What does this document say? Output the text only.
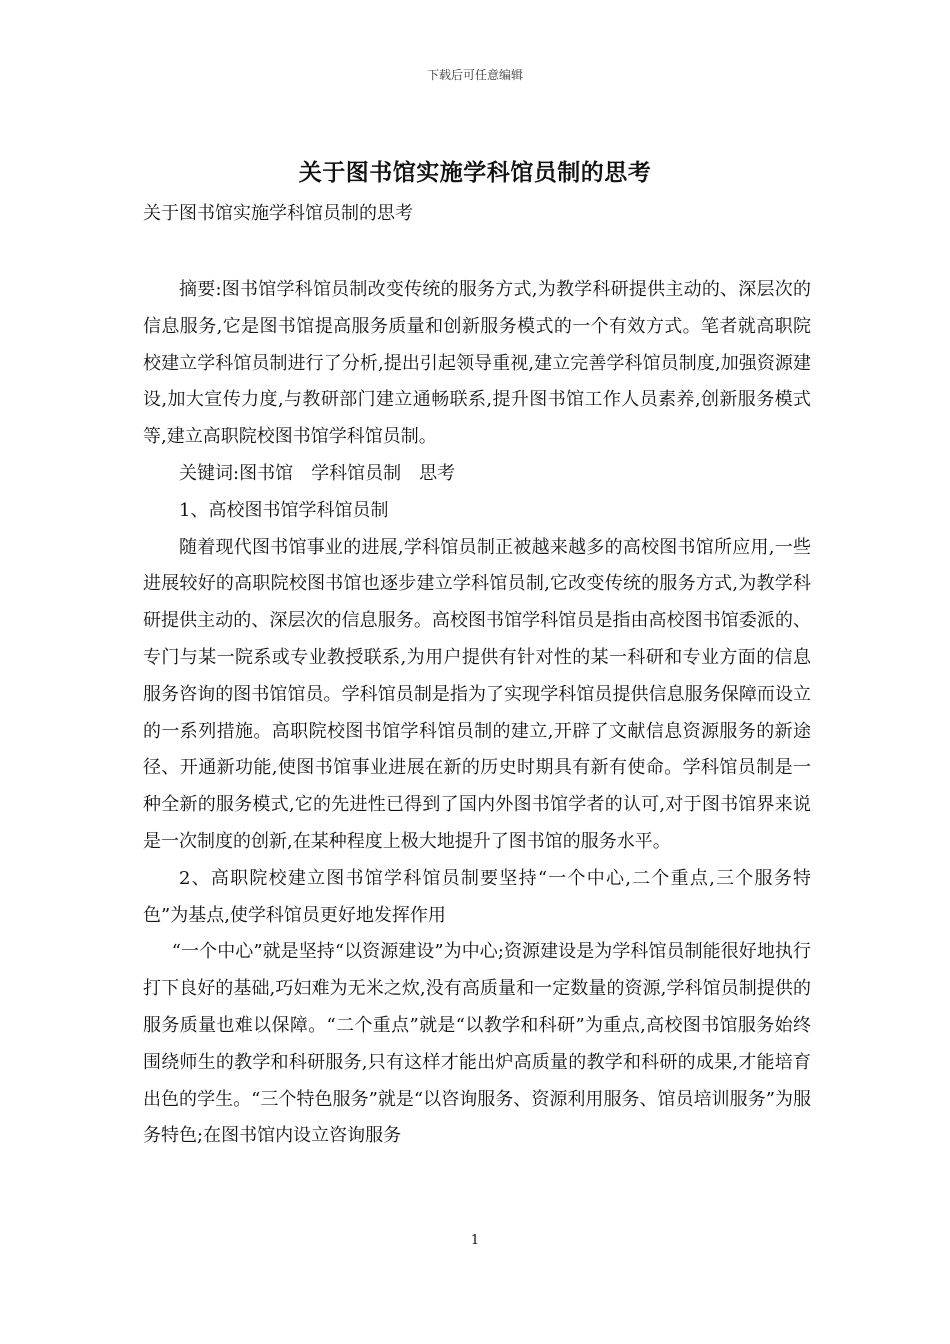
下载后可任意编辑
关于图书馆实施学科馆员制的思考
关于图书馆实施学科馆员制的思考

摘要:图书馆学科馆员制改变传统的服务方式,为教学科研提供主动的、深层次的信息服务,它是图书馆提高服务质量和创新服务模式的一个有效方式。笔者就高职院校建立学科馆员制进行了分析,提出引起领导重视,建立完善学科馆员制度,加强资源建设,加大宣传力度,与教研部门建立通畅联系,提升图书馆工作人员素养,创新服务模式等,建立高职院校图书馆学科馆员制。

关键词:图书馆　学科馆员制　思考

1、高校图书馆学科馆员制

随着现代图书馆事业的进展,学科馆员制正被越来越多的高校图书馆所应用,一些进展较好的高职院校图书馆也逐步建立学科馆员制,它改变传统的服务方式,为教学科研提供主动的、深层次的信息服务。高校图书馆学科馆员是指由高校图书馆委派的、专门与某一院系或专业教授联系,为用户提供有针对性的某一科研和专业方面的信息服务咨询的图书馆馆员。学科馆员制是指为了实现学科馆员提供信息服务保障而设立的一系列措施。高职院校图书馆学科馆员制的建立,开辟了文献信息资源服务的新途径、开通新功能,使图书馆事业进展在新的历史时期具有新有使命。学科馆员制是一种全新的服务模式,它的先进性已得到了国内外图书馆学者的认可,对于图书馆界来说是一次制度的创新,在某种程度上极大地提升了图书馆的服务水平。

2、高职院校建立图书馆学科馆员制要坚持“一个中心,二个重点,三个服务特色”为基点,使学科馆员更好地发挥作用

“一个中心”就是坚持“以资源建设”为中心;资源建设是为学科馆员制能很好地执行打下良好的基础,巧妇难为无米之炊,没有高质量和一定数量的资源,学科馆员制提供的服务质量也难以保障。“二个重点”就是“以教学和科研”为重点,高校图书馆服务始终围绕师生的教学和科研服务,只有这样才能出炉高质量的教学和科研的成果,才能培育出色的学生。“三个特色服务”就是“以咨询服务、资源利用服务、馆员培训服务”为服务特色;在图书馆内设立咨询服务

1
